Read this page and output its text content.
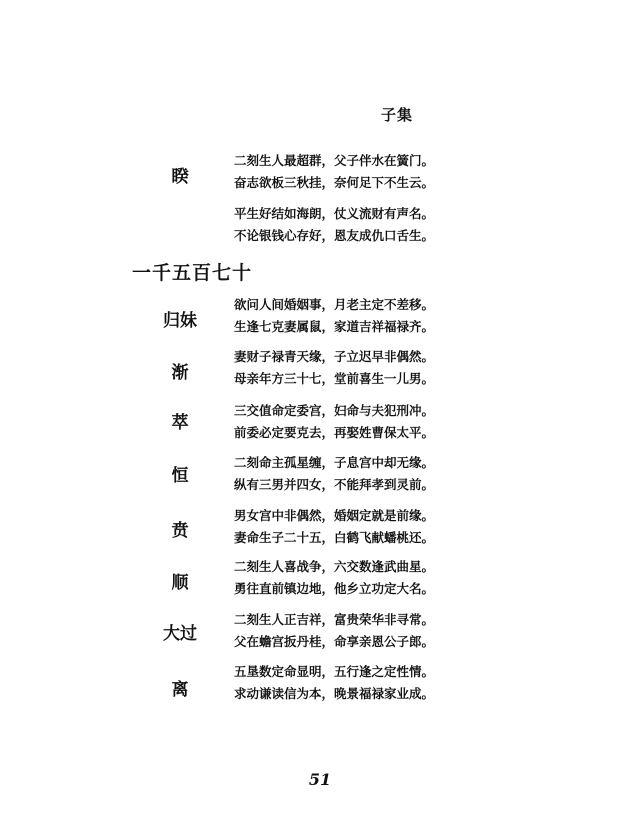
子集
睽
二刻生人最超群，父子伴水在簧门。
奋志欲板三秋挂，奈何足下不生云。
平生好结如海朗，仗义流财有声名。
不论银钱心存好，恩友成仇口舌生。
一千五百七十
归妹
欲问人间婚姻事，月老主定不差移。
生逢七克妻属鼠，家道吉祥福禄齐。
渐
妻财子禄青天缘，子立迟早非偶然。
母亲年方三十七，堂前喜生一儿男。
萃
三交值命定委宫，妇命与夫犯刑冲。
前委必定要克去，再娶姓曹保太平。
恒
二刻命主孤星缠，子息宫中却无缘。
纵有三男并四女，不能拜孝到灵前。
贲
男女宫中非偶然，婚姻定就是前缘。
妻命生子二十五，白鹤飞献蟠桃还。
顺
二刻生人喜战争，六交数逢武曲星。
勇往直前镇边地，他乡立功定大名。
大过
二刻生人正吉祥，富贵荣华非寻常。
父在蟾宫扳丹桂，命享亲恩公子郎。
离
五垦数定命显明，五行逢之定性情。
求动谦读信为本，晚景福禄家业成。
51
